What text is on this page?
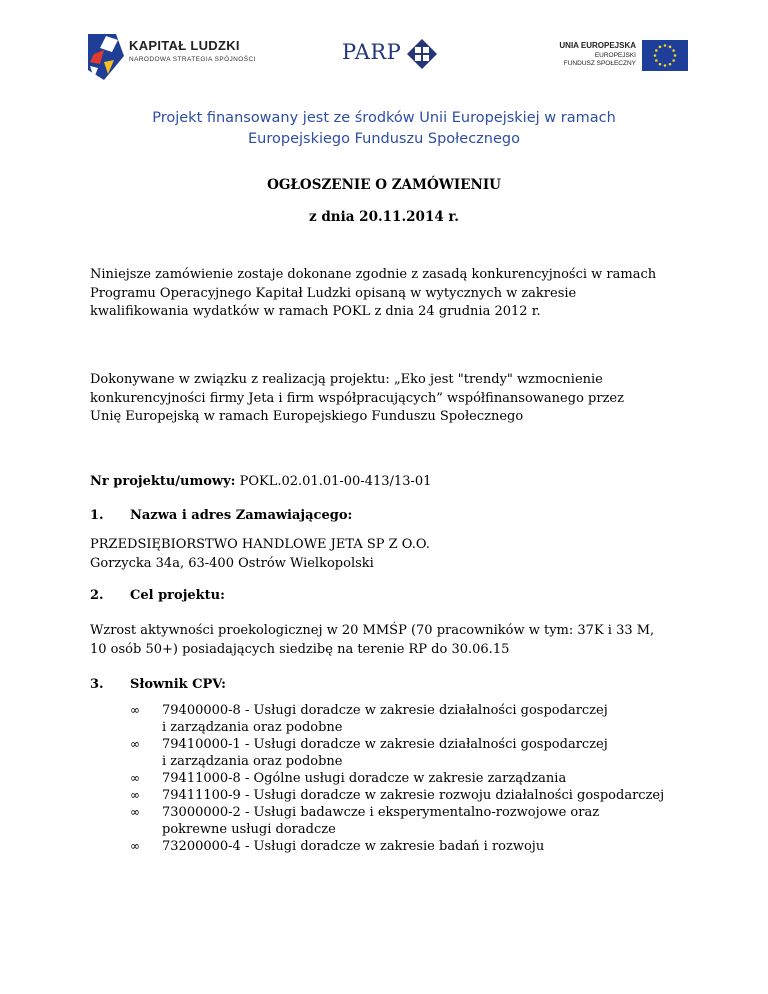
KAPITAŁ LUDZKI
NARODOWA STRATEGIA SPÓJNOŚCI	PARP	UNIA EUROPEJSKA
EUROPEJSKI
FUNDUSZ SPOŁECZNY
Projekt finansowany jest ze środków Unii Europejskiej w ramach
Europejskiego Funduszu Społecznego
OGŁOSZENIE O ZAMÓWIENIU
z dnia 20.11.2014 r.
Niniejsze zamówienie zostaje dokonane zgodnie z zasadą konkurencyjności w ramach
Programu Operacyjnego Kapitał Ludzki opisaną w wytycznych w zakresie
kwalifikowania wydatków w ramach POKL z dnia 24 grudnia 2012 r.
Dokonywane w związku z realizacją projektu: „Eko jest "trendy" wzmocnienie
konkurencyjności firmy Jeta i firm współpracujących” współfinansowanego przez
Unię Europejską w ramach Europejskiego Funduszu Społecznego
Nr projektu/umowy: POKL.02.01.01-00-413/13-01
1. Nazwa i adres Zamawiającego:
PRZEDSIĘBIORSTWO HANDLOWE JETA SP Z O.O.
Gorzycka 34a, 63-400 Ostrów Wielkopolski
2. Cel projektu:
Wzrost aktywności proekologicznej w 20 MMŚP (70 pracowników w tym: 37K i 33 M,
10 osób 50+) posiadających siedzibę na terenie RP do 30.06.15
3. Słownik CPV:
∞ 79400000-8 - Usługi doradcze w zakresie działalności gospodarczej
i zarządzania oraz podobne
∞ 79410000-1 - Usługi doradcze w zakresie działalności gospodarczej
i zarządzania oraz podobne
∞ 79411000-8 - Ogólne usługi doradcze w zakresie zarządzania
∞ 79411100-9 - Usługi doradcze w zakresie rozwoju działalności gospodarczej
∞ 73000000-2 - Usługi badawcze i eksperymentalno-rozwojowe oraz
pokrewne usługi doradcze
∞ 73200000-4 - Usługi doradcze w zakresie badań i rozwoju
